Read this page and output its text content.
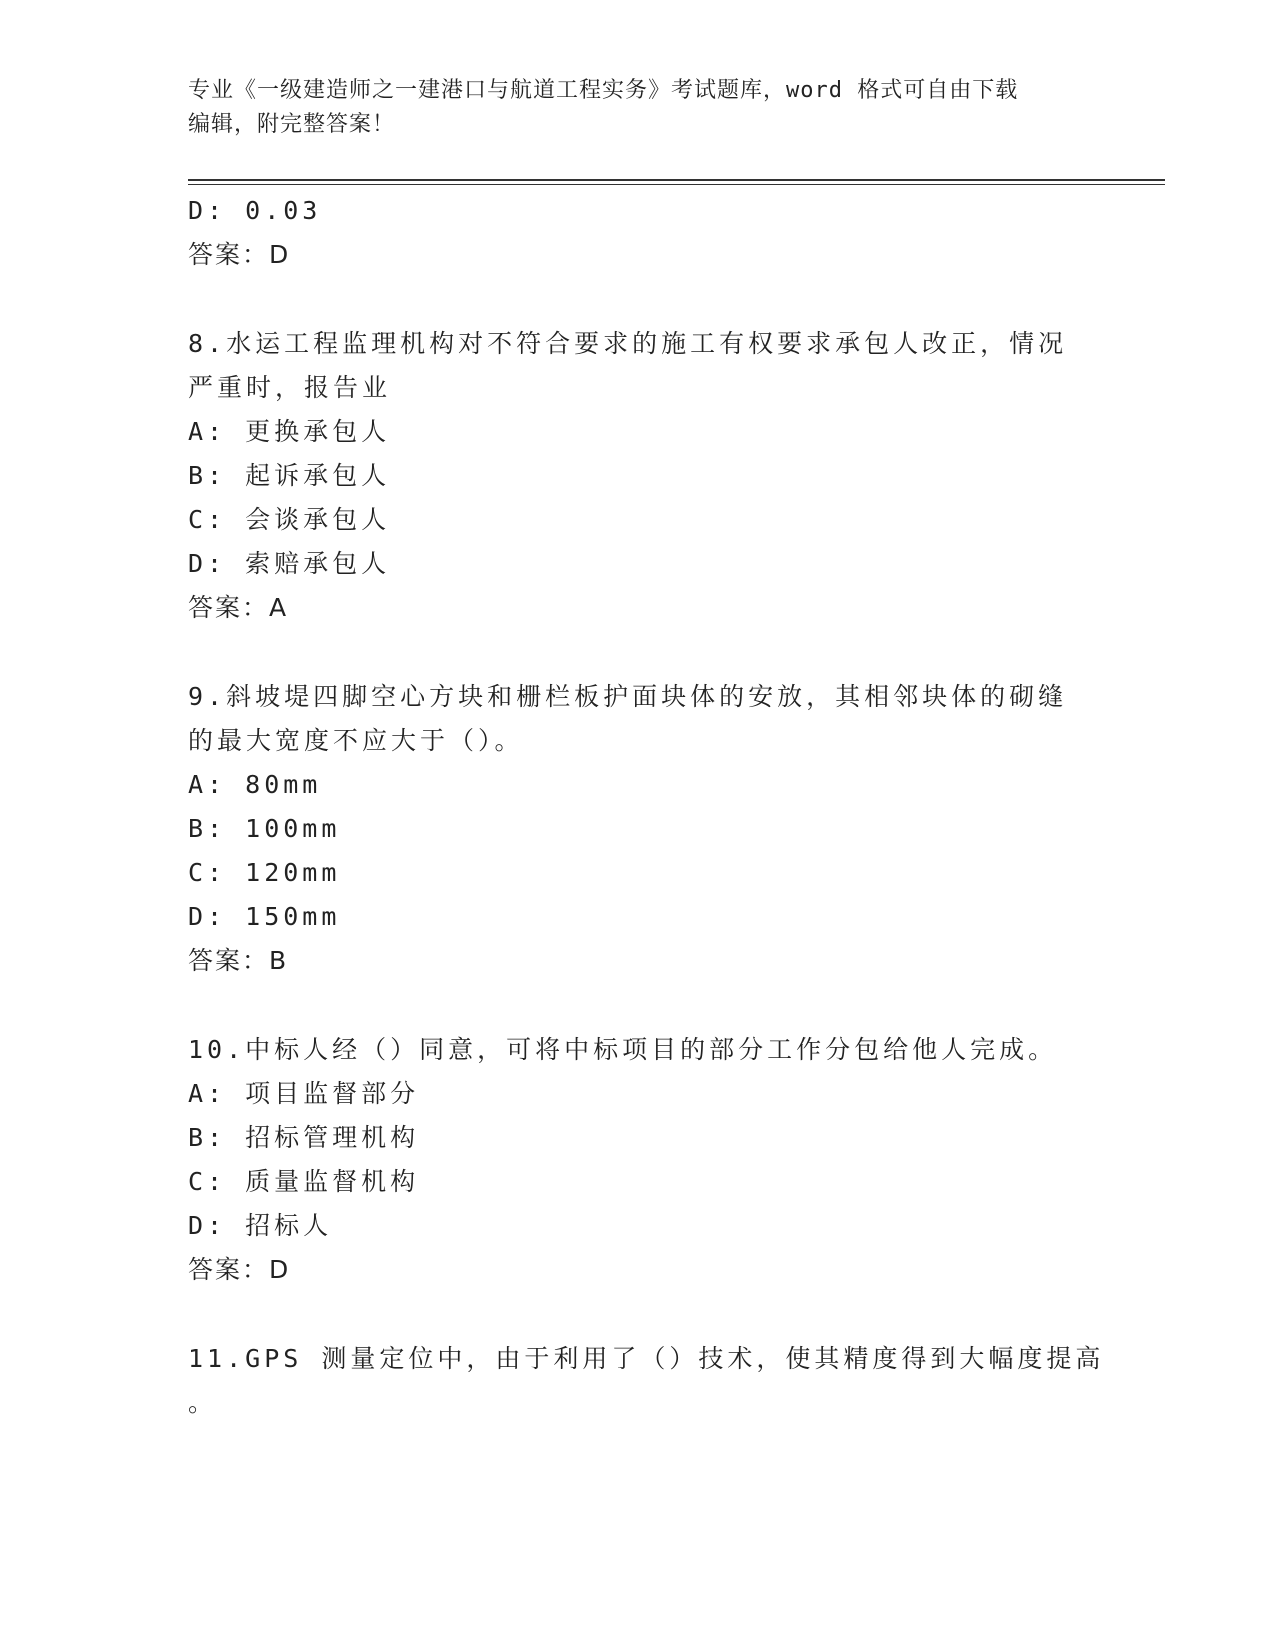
专业《一级建造师之一建港口与航道工程实务》考试题库，word 格式可自由下载
编辑，附完整答案！
D: 0.03
答案：D
8.水运工程监理机构对不符合要求的施工有权要求承包人改正，情况
严重时，报告业
A: 更换承包人
B: 起诉承包人
C: 会谈承包人
D: 索赔承包人
答案：A
9.斜坡堤四脚空心方块和栅栏板护面块体的安放，其相邻块体的砌缝
的最大宽度不应大于（）。
A: 80mm
B: 100mm
C: 120mm
D: 150mm
答案：B
10.中标人经（）同意，可将中标项目的部分工作分包给他人完成。
A: 项目监督部分
B: 招标管理机构
C: 质量监督机构
D: 招标人
答案：D
11.GPS 测量定位中，由于利用了（）技术，使其精度得到大幅度提高
。
